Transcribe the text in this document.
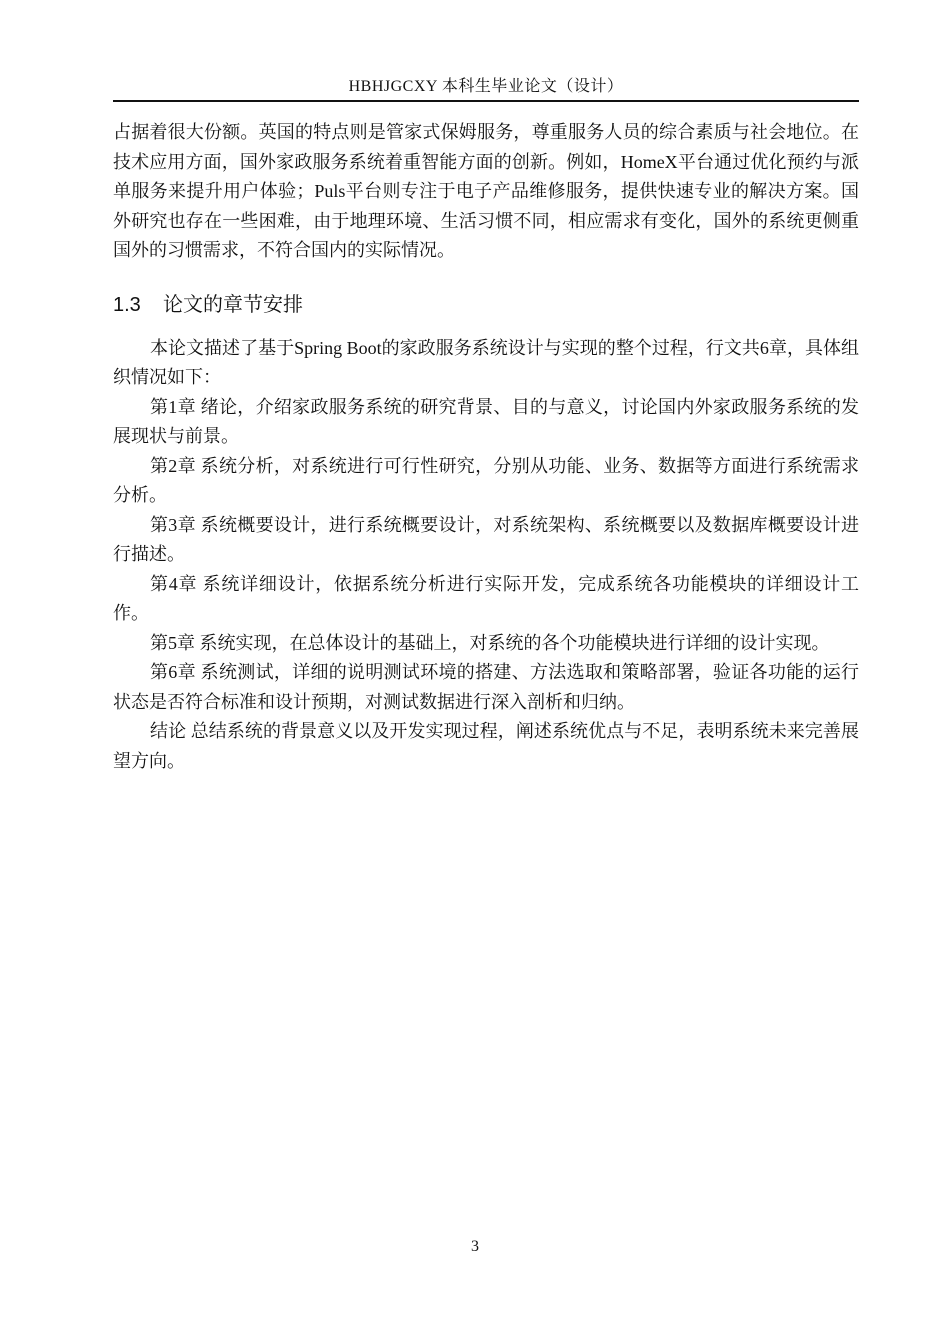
HBHJGCXY 本科生毕业论文（设计）

占据着很大份额。英国的特点则是管家式保姆服务，尊重服务人员的综合素质与社会地位。在技术应用方面，国外家政服务系统着重智能方面的创新。例如，HomeX平台通过优化预约与派单服务来提升用户体验；Puls平台则专注于电子产品维修服务，提供快速专业的解决方案。国外研究也存在一些困难，由于地理环境、生活习惯不同，相应需求有变化，国外的系统更侧重国外的习惯需求，不符合国内的实际情况。

1.3 论文的章节安排

本论文描述了基于Spring Boot的家政服务系统设计与实现的整个过程，行文共6章，具体组织情况如下：

第1章 绪论，介绍家政服务系统的研究背景、目的与意义，讨论国内外家政服务系统的发展现状与前景。

第2章 系统分析，对系统进行可行性研究，分别从功能、业务、数据等方面进行系统需求分析。

第3章 系统概要设计，进行系统概要设计，对系统架构、系统概要以及数据库概要设计进行描述。

第4章 系统详细设计，依据系统分析进行实际开发，完成系统各功能模块的详细设计工作。

第5章 系统实现，在总体设计的基础上，对系统的各个功能模块进行详细的设计实现。

第6章 系统测试，详细的说明测试环境的搭建、方法选取和策略部署，验证各功能的运行状态是否符合标准和设计预期，对测试数据进行深入剖析和归纳。

结论 总结系统的背景意义以及开发实现过程，阐述系统优点与不足，表明系统未来完善展望方向。

3
